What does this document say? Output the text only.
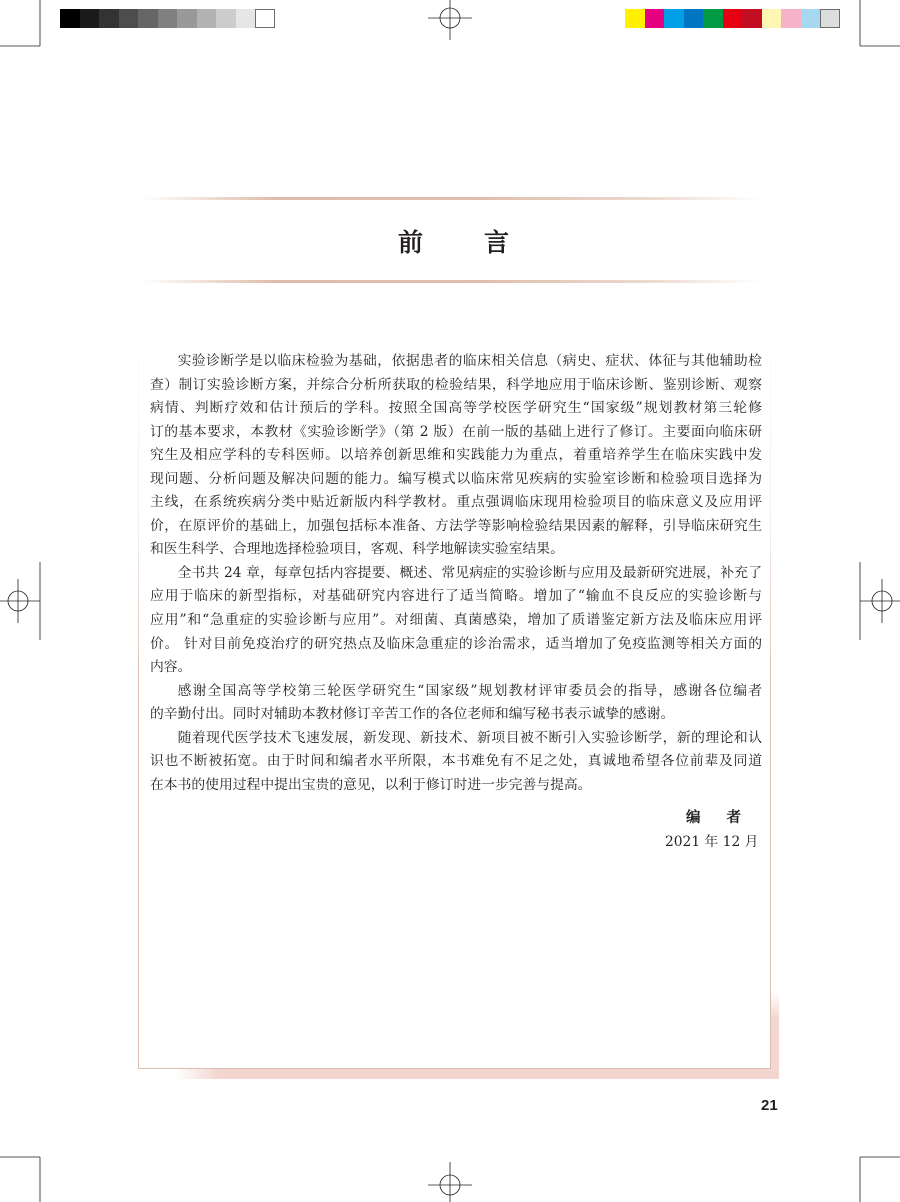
前言
实验诊断学是以临床检验为基础，依据患者的临床相关信息（病史、症状、体征与其他辅助检
查）制订实验诊断方案，并综合分析所获取的检验结果，科学地应用于临床诊断、鉴别诊断、观察
病情、判断疗效和估计预后的学科。按照全国高等学校医学研究生“国家级”规划教材第三轮修
订的基本要求，本教材《实验诊断学》（第 2 版）在前一版的基础上进行了修订。主要面向临床研
究生及相应学科的专科医师。以培养创新思维和实践能力为重点，着重培养学生在临床实践中发
现问题、分析问题及解决问题的能力。编写模式以临床常见疾病的实验室诊断和检验项目选择为
主线，在系统疾病分类中贴近新版内科学教材。重点强调临床现用检验项目的临床意义及应用评
价，在原评价的基础上，加强包括标本准备、方法学等影响检验结果因素的解释，引导临床研究生
和医生科学、合理地选择检验项目，客观、科学地解读实验室结果。
全书共 24 章，每章包括内容提要、概述、常见病症的实验诊断与应用及最新研究进展，补充了
应用于临床的新型指标，对基础研究内容进行了适当简略。增加了“输血不良反应的实验诊断与
应用”和“急重症的实验诊断与应用”。对细菌、真菌感染，增加了质谱鉴定新方法及临床应用评
价。 针对目前免疫治疗的研究热点及临床急重症的诊治需求，适当增加了免疫监测等相关方面的
内容。
感谢全国高等学校第三轮医学研究生“国家级”规划教材评审委员会的指导，感谢各位编者
的辛勤付出。同时对辅助本教材修订辛苦工作的各位老师和编写秘书表示诚挚的感谢。
随着现代医学技术飞速发展，新发现、新技术、新项目被不断引入实验诊断学，新的理论和认
识也不断被拓宽。由于时间和编者水平所限，本书难免有不足之处，真诚地希望各位前辈及同道
在本书的使用过程中提出宝贵的意见，以利于修订时进一步完善与提高。
编者
2021 年 12 月
21
